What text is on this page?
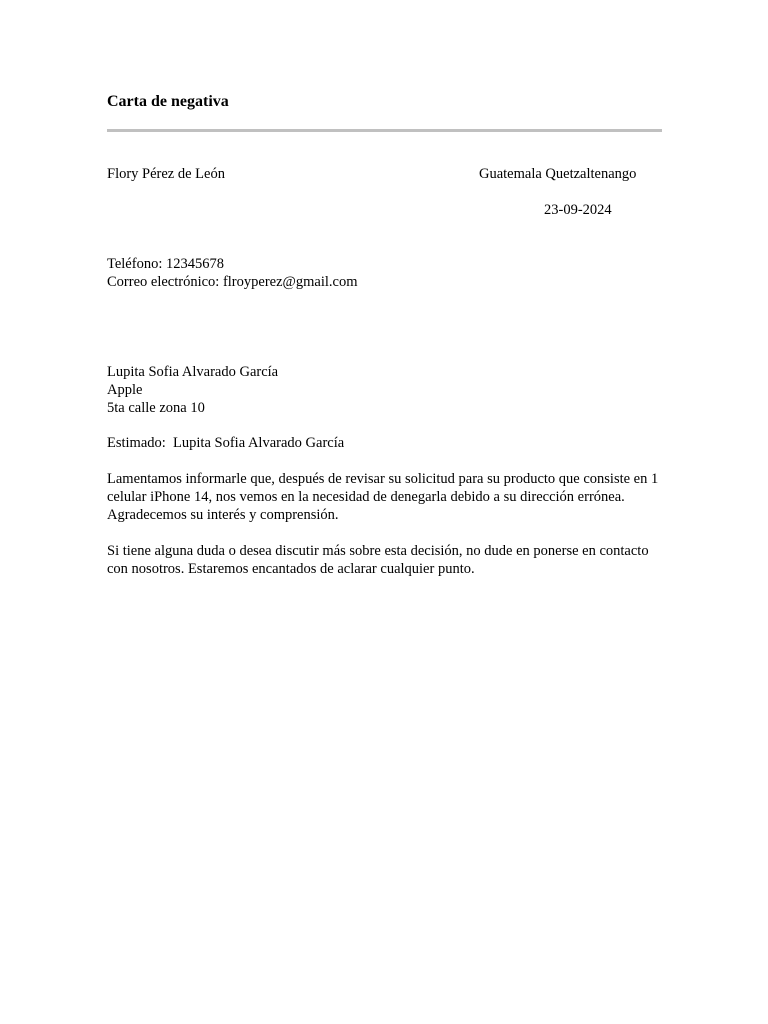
Carta de negativa

Flory Pérez de León	Guatemala Quetzaltenango

23-09-2024

Teléfono: 12345678
Correo electrónico: flroyperez@gmail.com
Lupita Sofia Alvarado García
Apple
5ta calle zona 10

Estimado:  Lupita Sofia Alvarado García

Lamentamos informarle que, después de revisar su solicitud para su producto que consiste en 1 celular iPhone 14, nos vemos en la necesidad de denegarla debido a su dirección errónea. Agradecemos su interés y comprensión.

Si tiene alguna duda o desea discutir más sobre esta decisión, no dude en ponerse en contacto con nosotros. Estaremos encantados de aclarar cualquier punto.
